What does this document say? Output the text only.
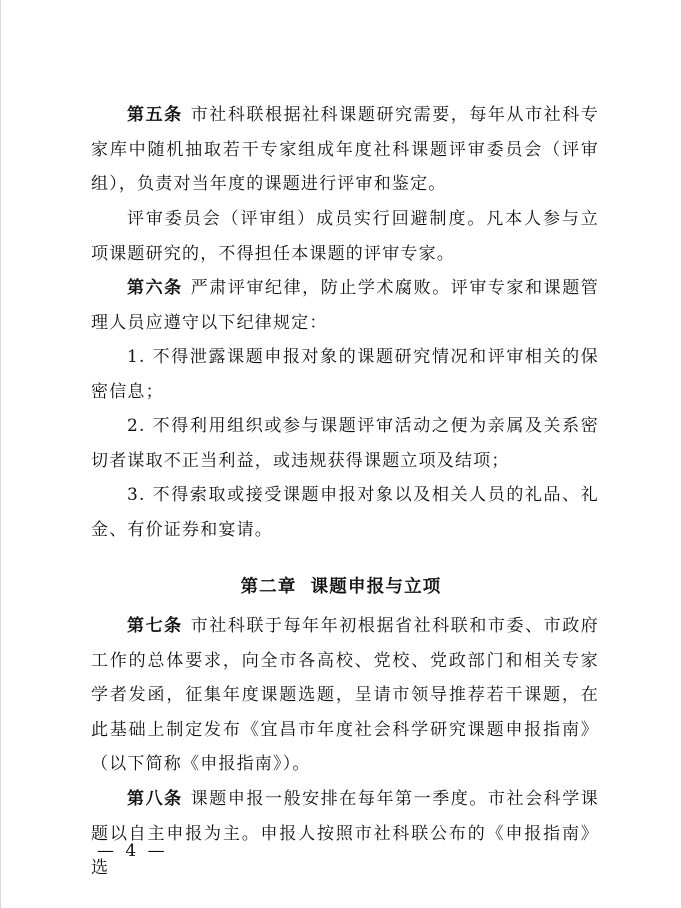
第五条 市社科联根据社科课题研究需要，每年从市社科专家库中随机抽取若干专家组成年度社科课题评审委员会（评审组），负责对当年度的课题进行评审和鉴定。

评审委员会（评审组）成员实行回避制度。凡本人参与立项课题研究的，不得担任本课题的评审专家。

第六条 严肃评审纪律，防止学术腐败。评审专家和课题管理人员应遵守以下纪律规定：

1. 不得泄露课题申报对象的课题研究情况和评审相关的保密信息；

2. 不得利用组织或参与课题评审活动之便为亲属及关系密切者谋取不正当利益，或违规获得课题立项及结项；

3. 不得索取或接受课题申报对象以及相关人员的礼品、礼金、有价证券和宴请。

第二章 课题申报与立项

第七条 市社科联于每年年初根据省社科联和市委、市政府工作的总体要求，向全市各高校、党校、党政部门和相关专家学者发函，征集年度课题选题，呈请市领导推荐若干课题，在此基础上制定发布《宜昌市年度社会科学研究课题申报指南》（以下简称《申报指南》）。

第八条 课题申报一般安排在每年第一季度。市社会科学课题以自主申报为主。申报人按照市社科联公布的《申报指南》选

— 4 —
